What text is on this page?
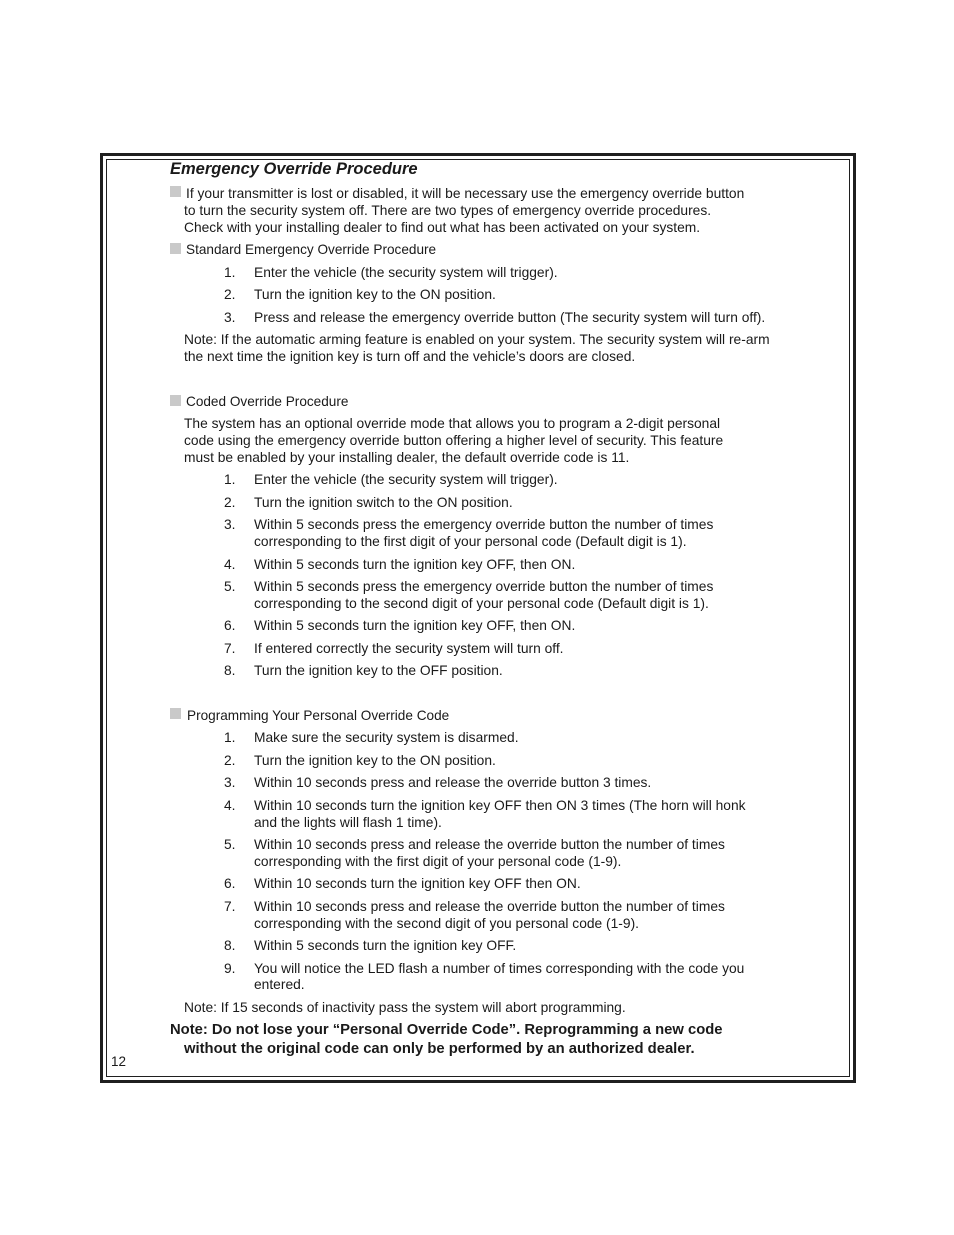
Emergency Override Procedure
If your transmitter is lost or disabled, it will be necessary use the emergency override button
to turn the security system off. There are two types of emergency override procedures.
Check with your installing dealer to find out what has been activated on your system.
Standard Emergency Override Procedure
1. Enter the vehicle (the security system will trigger).
2. Turn the ignition key to the ON position.
3. Press and release the emergency override button (The security system will turn off).
Note: If the automatic arming feature is enabled on your system. The security system will re-arm
the next time the ignition key is turn off and the vehicle’s doors are closed.
Coded Override Procedure
The system has an optional override mode that allows you to program a 2-digit personal
code using the emergency override button offering a higher level of security. This feature
must be enabled by your installing dealer, the default override code is 11.
1. Enter the vehicle (the security system will trigger).
2. Turn the ignition switch to the ON position.
3. Within 5 seconds press the emergency override button the number of times
corresponding to the first digit of your personal code (Default digit is 1).
4. Within 5 seconds turn the ignition key OFF, then ON.
5. Within 5 seconds press the emergency override button the number of times
corresponding to the second digit of your personal code (Default digit is 1).
6. Within 5 seconds turn the ignition key OFF, then ON.
7. If entered correctly the security system will turn off.
8. Turn the ignition key to the OFF position.
Programming Your Personal Override Code
1. Make sure the security system is disarmed.
2. Turn the ignition key to the ON position.
3. Within 10 seconds press and release the override button 3 times.
4. Within 10 seconds turn the ignition key OFF then ON 3 times (The horn will honk
and the lights will flash 1 time).
5. Within 10 seconds press and release the override button the number of times
corresponding with the first digit of your personal code (1-9).
6. Within 10 seconds turn the ignition key OFF then ON.
7. Within 10 seconds press and release the override button the number of times
corresponding with the second digit of you personal code (1-9).
8. Within 5 seconds turn the ignition key OFF.
9. You will notice the LED flash a number of times corresponding with the code you
entered.
Note: If 15 seconds of inactivity pass the system will abort programming.
Note: Do not lose your “Personal Override Code”. Reprogramming a new code
without the original code can only be performed by an authorized dealer.
12
